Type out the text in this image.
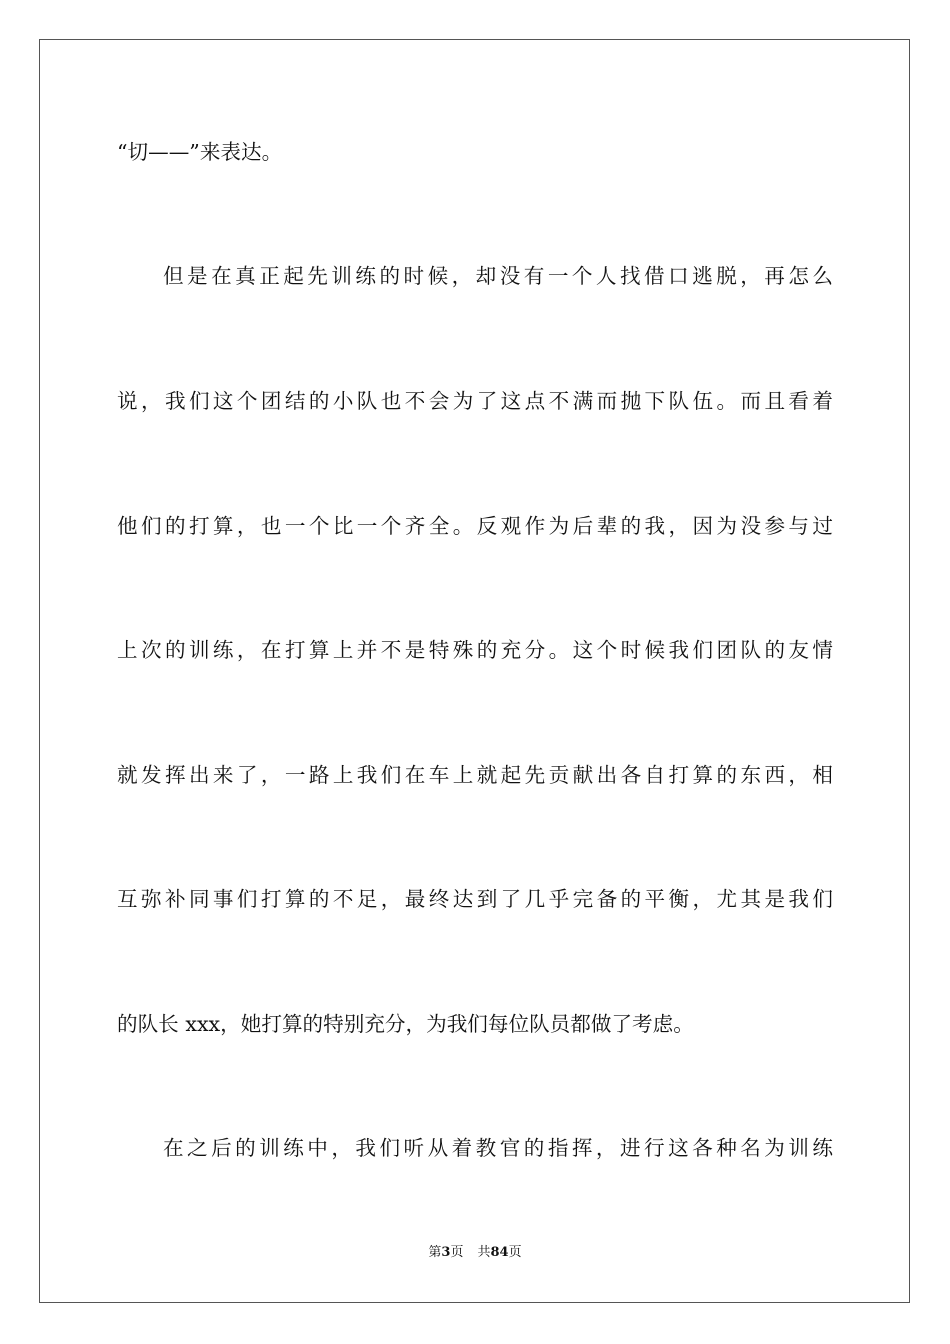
“切——”来表达。
但是在真正起先训练的时候，却没有一个人找借口逃脱，再怎么
说，我们这个团结的小队也不会为了这点不满而抛下队伍。而且看着
他们的打算，也一个比一个齐全。反观作为后辈的我，因为没参与过
上次的训练，在打算上并不是特殊的充分。这个时候我们团队的友情
就发挥出来了，一路上我们在车上就起先贡献出各自打算的东西，相
互弥补同事们打算的不足，最终达到了几乎完备的平衡，尤其是我们
的队长 xxx，她打算的特别充分，为我们每位队员都做了考虑。
在之后的训练中，我们听从着教官的指挥，进行这各种名为训练
第3页 共84页
